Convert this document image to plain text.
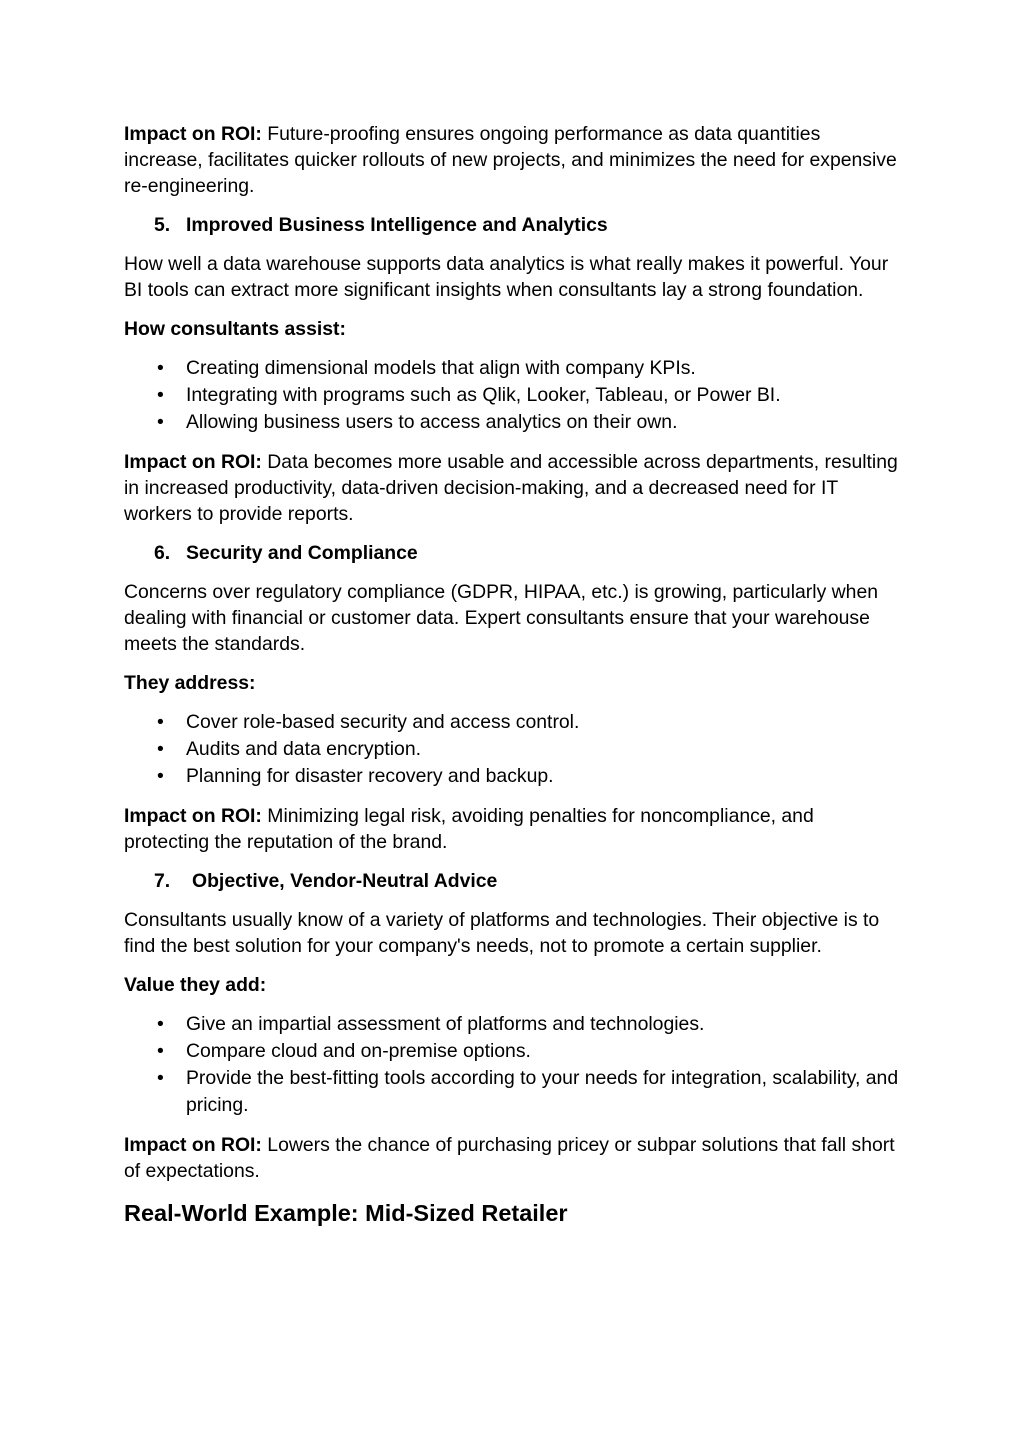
Impact on ROI: Future-proofing ensures ongoing performance as data quantities increase, facilitates quicker rollouts of new projects, and minimizes the need for expensive re-engineering.

5. Improved Business Intelligence and Analytics

How well a data warehouse supports data analytics is what really makes it powerful. Your BI tools can extract more significant insights when consultants lay a strong foundation.

How consultants assist:

• Creating dimensional models that align with company KPIs.
• Integrating with programs such as Qlik, Looker, Tableau, or Power BI.
• Allowing business users to access analytics on their own.

Impact on ROI: Data becomes more usable and accessible across departments, resulting in increased productivity, data-driven decision-making, and a decreased need for IT workers to provide reports.

6. Security and Compliance

Concerns over regulatory compliance (GDPR, HIPAA, etc.) is growing, particularly when dealing with financial or customer data. Expert consultants ensure that your warehouse meets the standards.

They address:

• Cover role-based security and access control.
• Audits and data encryption.
• Planning for disaster recovery and backup.

Impact on ROI: Minimizing legal risk, avoiding penalties for noncompliance, and protecting the reputation of the brand.

7. Objective, Vendor-Neutral Advice

Consultants usually know of a variety of platforms and technologies. Their objective is to find the best solution for your company's needs, not to promote a certain supplier.

Value they add:

• Give an impartial assessment of platforms and technologies.
• Compare cloud and on-premise options.
• Provide the best-fitting tools according to your needs for integration, scalability, and pricing.

Impact on ROI: Lowers the chance of purchasing pricey or subpar solutions that fall short of expectations.

Real-World Example: Mid-Sized Retailer
